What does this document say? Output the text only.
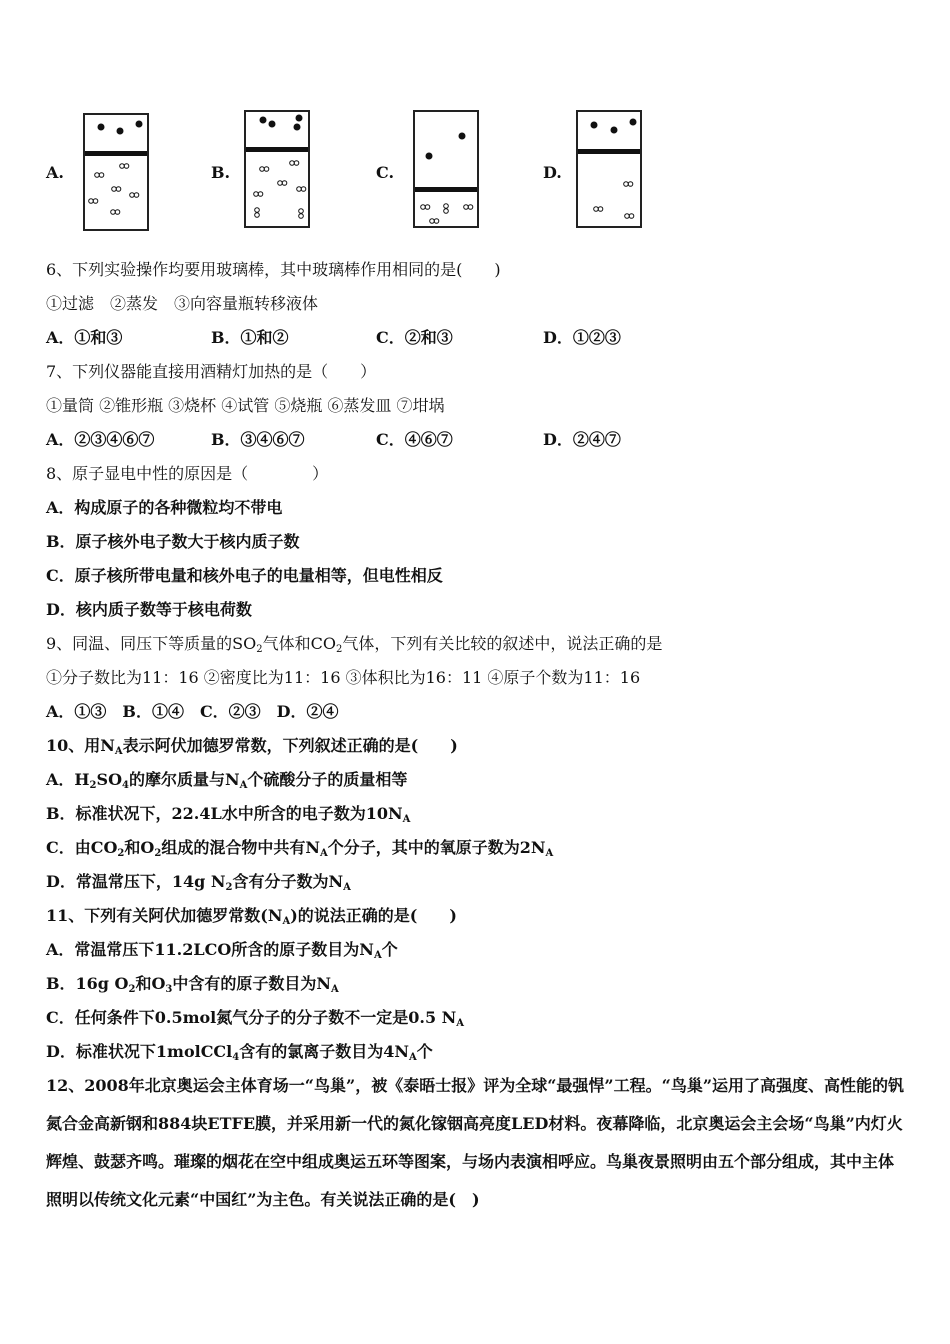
A.	B.	C.	D.
6、下列实验操作均要用玻璃棒，其中玻璃棒作用相同的是(　　)
①过滤　②蒸发　③向容量瓶转移液体
A．①和③	B．①和②	C．②和③	D．①②③
7、下列仪器能直接用酒精灯加热的是（　　）
①量筒 ②锥形瓶 ③烧杯 ④试管 ⑤烧瓶 ⑥蒸发皿 ⑦坩埚
A．②③④⑥⑦	B．③④⑥⑦	C．④⑥⑦	D．②④⑦
8、原子显电中性的原因是（　　　　）
A．构成原子的各种微粒均不带电
B．原子核外电子数大于核内质子数
C．原子核所带电量和核外电子的电量相等，但电性相反
D．核内质子数等于核电荷数
9、同温、同压下等质量的$SO_2$气体和$CO_2$气体，下列有关比较的叙述中，说法正确的是
①分子数比为11：16 ②密度比为11：16 ③体积比为16：11 ④原子个数为11：16
A．①③　B．①④　C．②③　D．②④
10、用$N_A$表示阿伏加德罗常数，下列叙述正确的是(　　)
A．$H_2SO_4$的摩尔质量与$N_A$个硫酸分子的质量相等
B．标准状况下，22.4L水中所含的电子数为$10N_A$
C．由$CO_2$和$O_2$组成的混合物中共有$N_A$个分子，其中的氧原子数为$2N_A$
D．常温常压下，14g $N_2$含有分子数为$N_A$
11、下列有关阿伏加德罗常数$(N_A)$的说法正确的是(　　)
A．常温常压下11.2LCO所含的原子数目为$N_A$个
B．16g $O_2$和$O_3$中含有的原子数目为$N_A$
C．任何条件下0.5mol氮气分子的分子数不一定是0.5 $N_A$
D．标准状况下1molCCl$_4$含有的氯离子数目为$4N_A$个
12、2008年北京奥运会主体育场一“鸟巢”，被《泰晤士报》评为全球“最强悍”工程。“鸟巢”运用了高强度、高性能的钒氮合金高新钢和884块ETFE膜，并采用新一代的氮化镓铟高亮度LED材料。夜幕降临，北京奥运会主会场“鸟巢”内灯火辉煌、鼓瑟齐鸣。璀璨的烟花在空中组成奥运五环等图案，与场内表演相呼应。鸟巢夜景照明由五个部分组成，其中主体照明以传统文化元素“中国红”为主色。有关说法正确的是(　)
